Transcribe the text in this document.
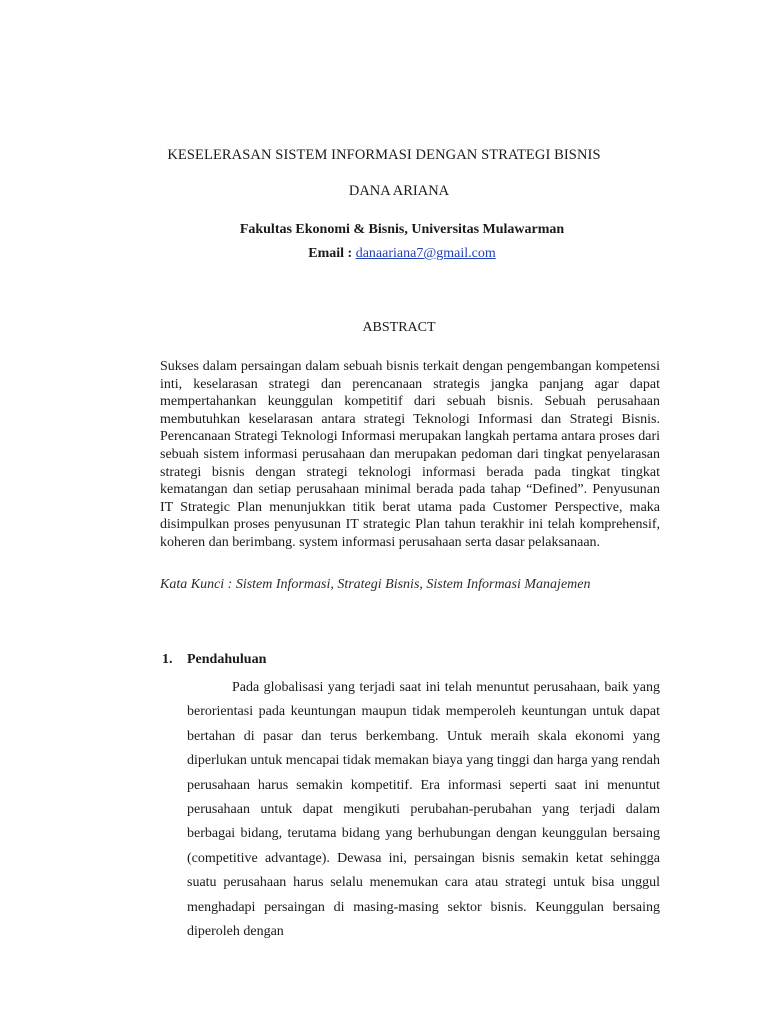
KESELERASAN SISTEM INFORMASI DENGAN STRATEGI BISNIS
DANA ARIANA
Fakultas Ekonomi & Bisnis, Universitas Mulawarman
Email : danaariana7@gmail.com
ABSTRACT
Sukses dalam persaingan dalam sebuah bisnis terkait dengan pengembangan kompetensi inti, keselarasan strategi dan perencanaan strategis jangka panjang agar dapat mempertahankan keunggulan kompetitif dari sebuah bisnis. Sebuah perusahaan membutuhkan keselarasan antara strategi Teknologi Informasi dan Strategi Bisnis. Perencanaan Strategi Teknologi Informasi merupakan langkah pertama antara proses dari sebuah sistem informasi perusahaan dan merupakan pedoman dari tingkat penyelarasan strategi bisnis dengan strategi teknologi informasi berada pada tingkat tingkat kematangan dan setiap perusahaan minimal berada pada tahap “Defined”. Penyusunan IT Strategic Plan menunjukkan titik berat utama pada Customer Perspective, maka disimpulkan proses penyusunan IT strategic Plan tahun terakhir ini telah komprehensif, koheren dan berimbang. system informasi perusahaan serta dasar pelaksanaan.
Kata Kunci : Sistem Informasi, Strategi Bisnis, Sistem Informasi Manajemen
1. Pendahuluan
Pada globalisasi yang terjadi saat ini telah menuntut perusahaan, baik yang berorientasi pada keuntungan maupun tidak memperoleh keuntungan untuk dapat bertahan di pasar dan terus berkembang. Untuk meraih skala ekonomi yang diperlukan untuk mencapai tidak memakan biaya yang tinggi dan harga yang rendah perusahaan harus semakin kompetitif. Era informasi seperti saat ini menuntut perusahaan untuk dapat mengikuti perubahan-perubahan yang terjadi dalam berbagai bidang, terutama bidang yang berhubungan dengan keunggulan bersaing (competitive advantage). Dewasa ini, persaingan bisnis semakin ketat sehingga suatu perusahaan harus selalu menemukan cara atau strategi untuk bisa unggul menghadapi persaingan di masing-masing sektor bisnis. Keunggulan bersaing diperoleh dengan
